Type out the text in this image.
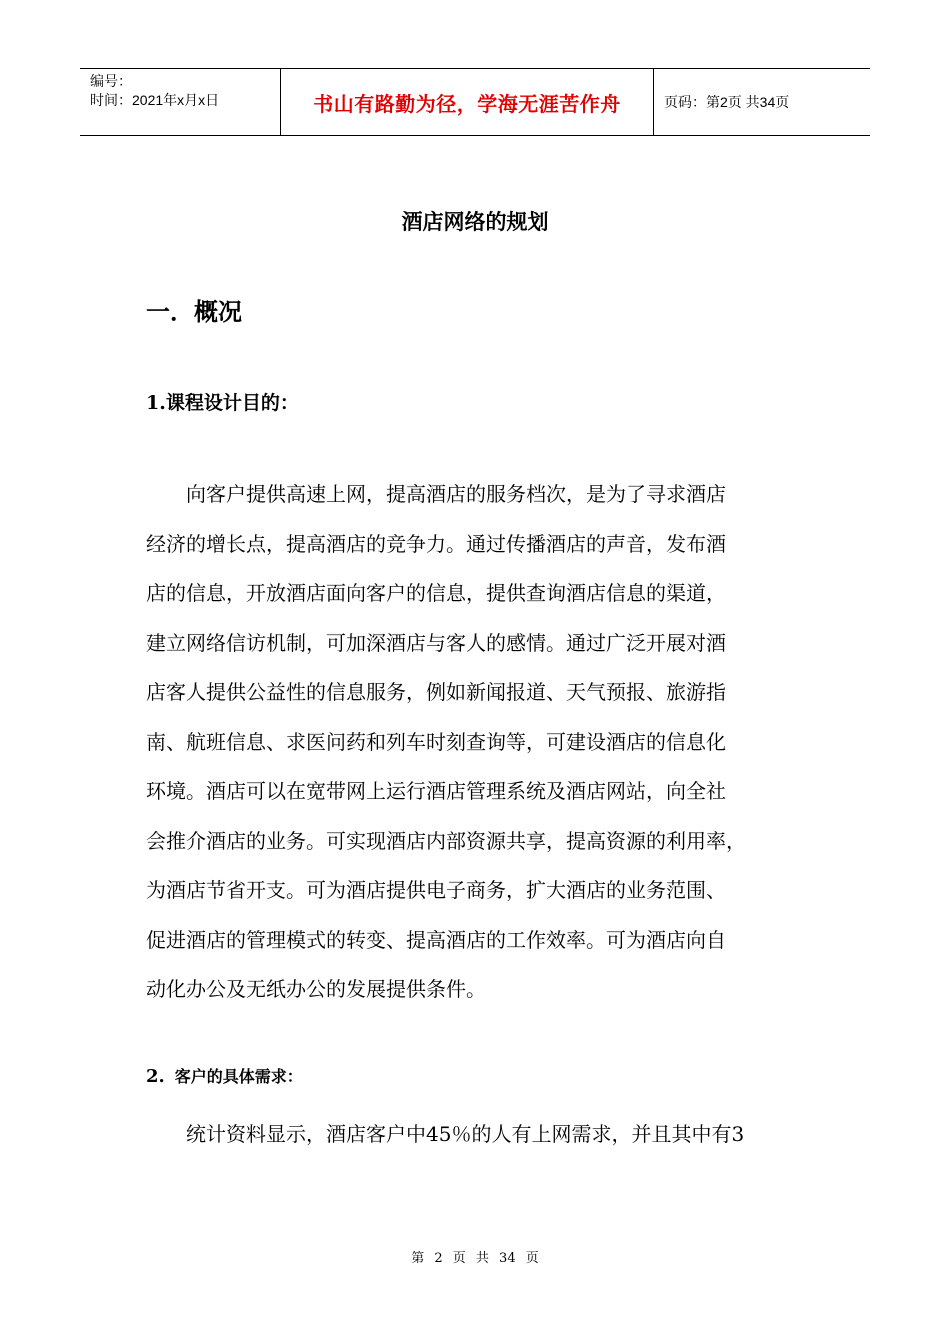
编号：
时间：2021年x月x日	书山有路勤为径，学海无涯苦作舟	页码：第2页 共34页
酒店网络的规划
一．概况
1.课程设计目的：
向客户提供高速上网，提高酒店的服务档次，是为了寻求酒店
经济的增长点，提高酒店的竞争力。通过传播酒店的声音，发布酒
店的信息，开放酒店面向客户的信息，提供查询酒店信息的渠道，
建立网络信访机制，可加深酒店与客人的感情。通过广泛开展对酒
店客人提供公益性的信息服务，例如新闻报道、天气预报、旅游指
南、航班信息、求医问药和列车时刻查询等，可建设酒店的信息化
环境。酒店可以在宽带网上运行酒店管理系统及酒店网站，向全社
会推介酒店的业务。可实现酒店内部资源共享，提高资源的利用率，
为酒店节省开支。可为酒店提供电子商务，扩大酒店的业务范围、
促进酒店的管理模式的转变、提高酒店的工作效率。可为酒店向自
动化办公及无纸办公的发展提供条件。
2. 客户的具体需求：

统计资料显示，酒店客户中45％的人有上网需求，并且其中有3

第 2 页 共 34 页
